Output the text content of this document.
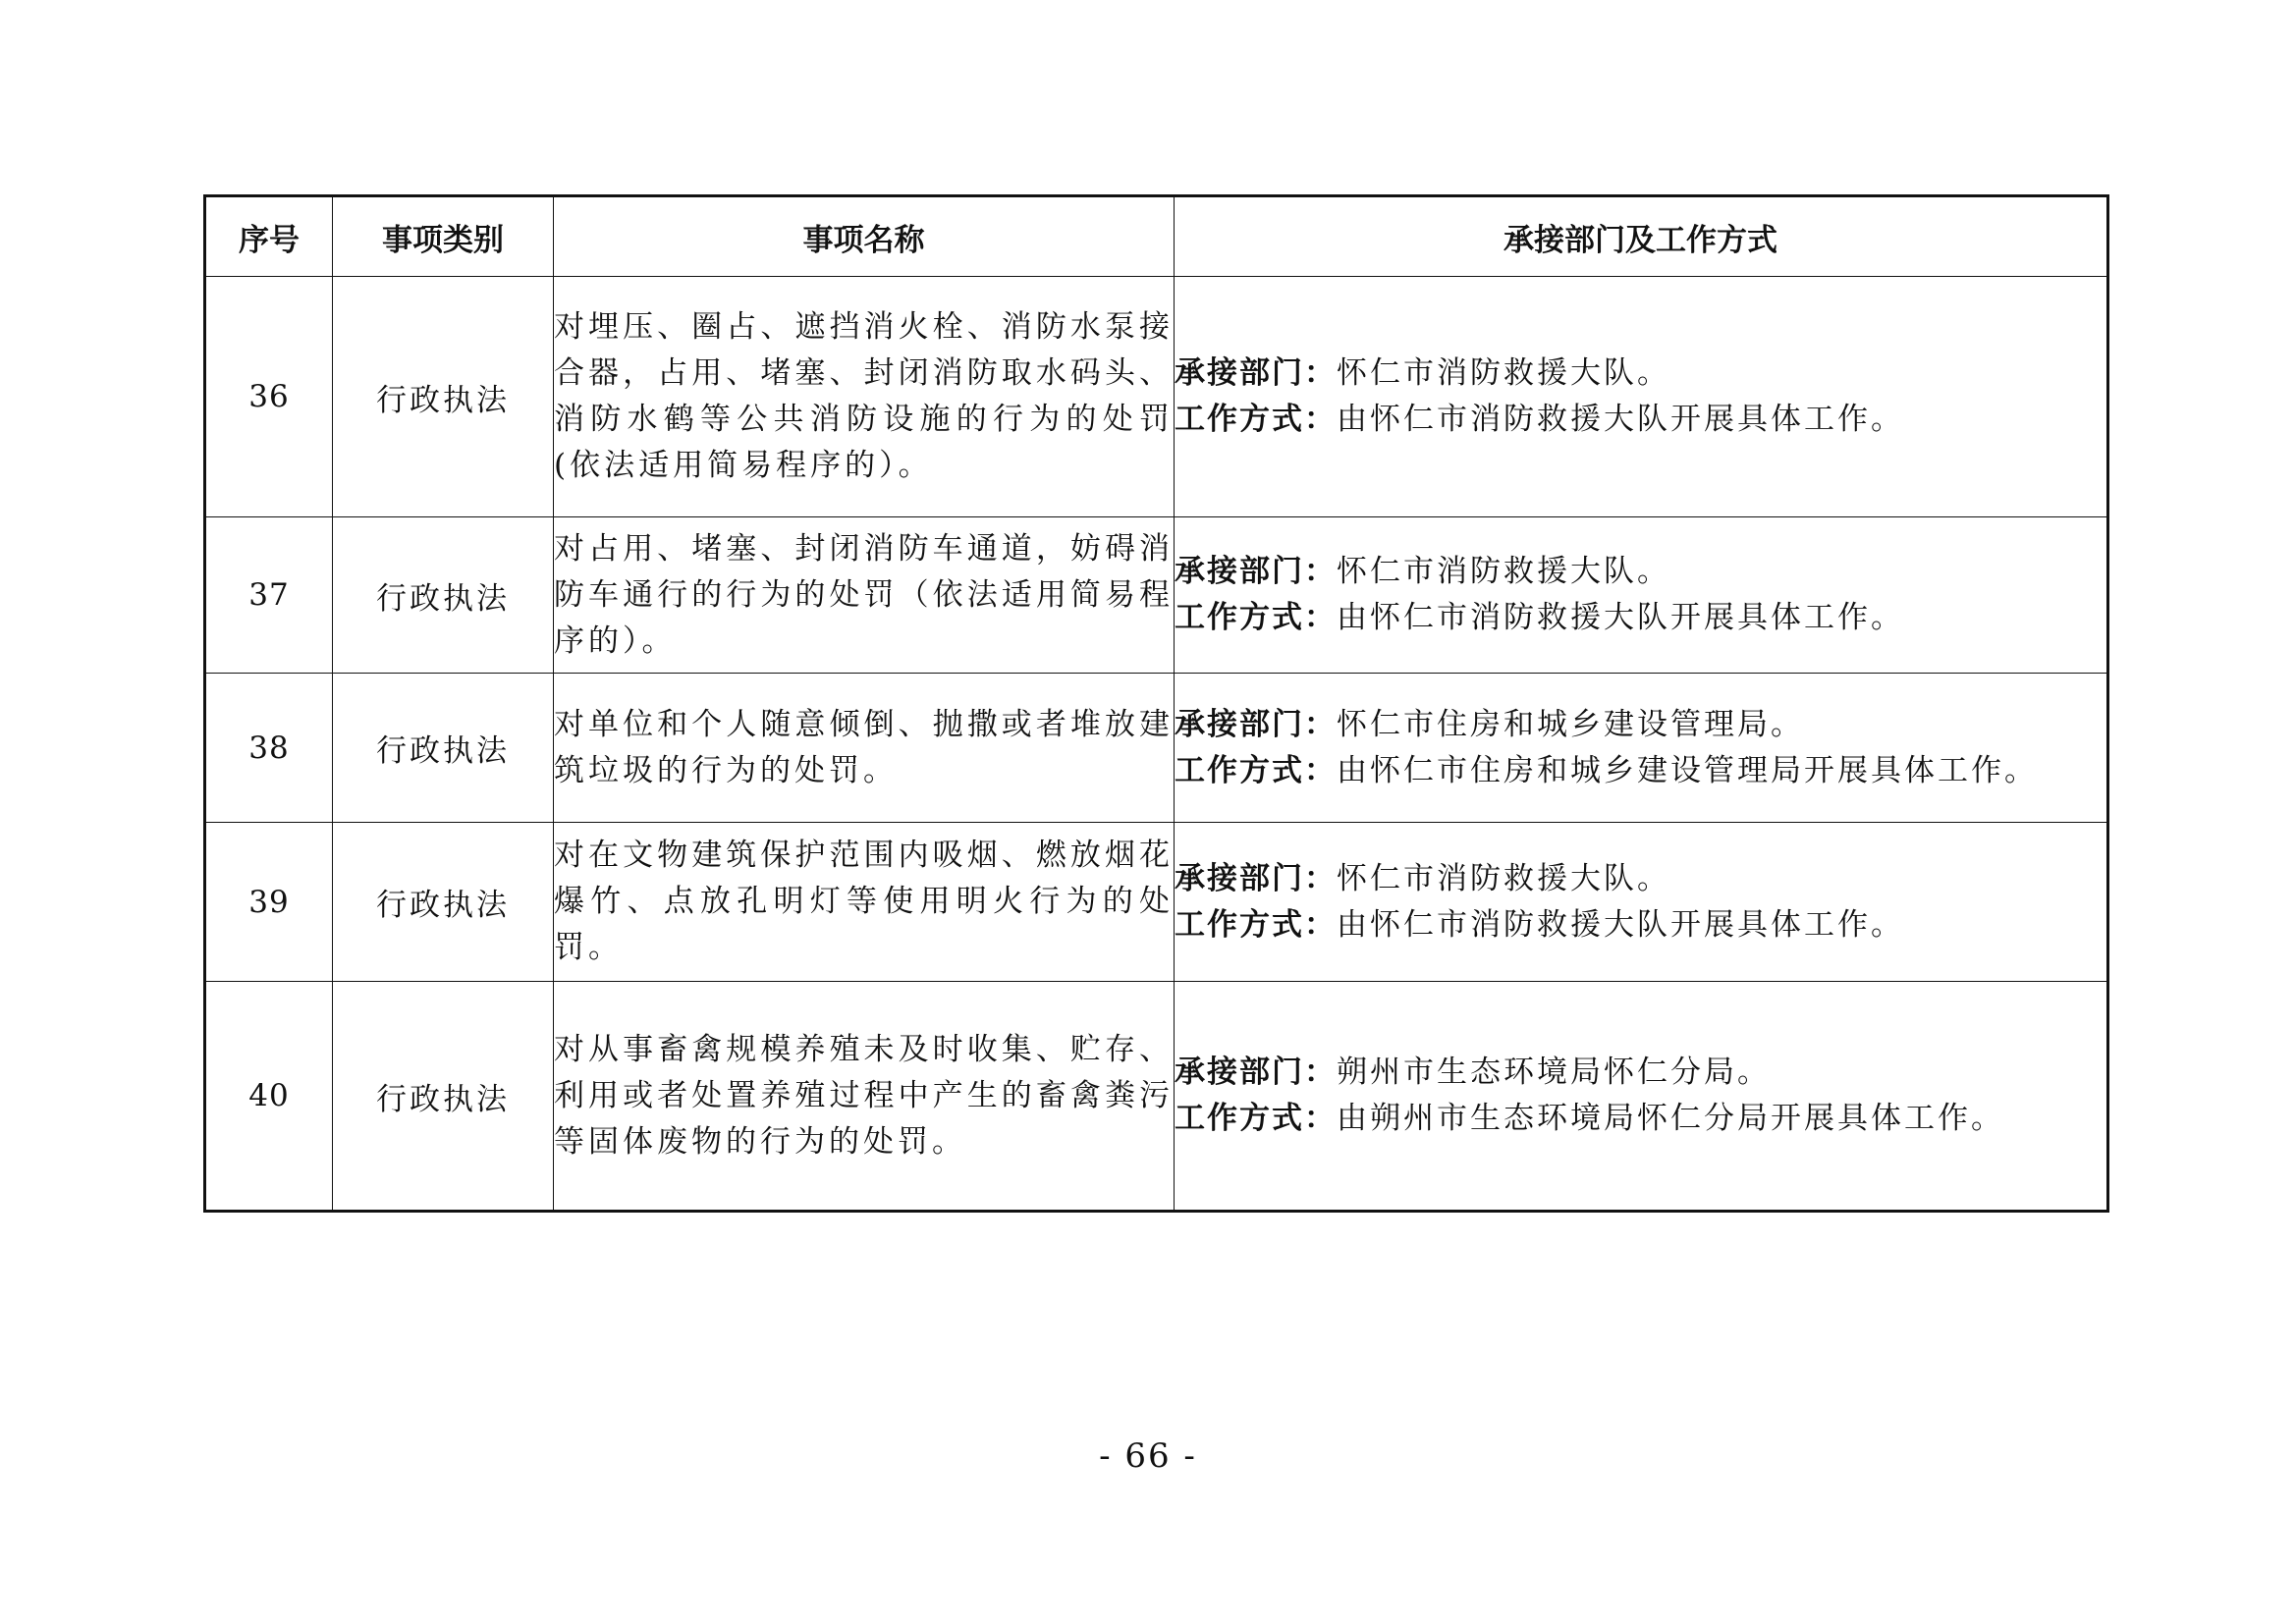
序号	事项类别	事项名称	承接部门及工作方式
36	行政执法	对埋压、圈占、遮挡消火栓、消防水泵接合器，占用、堵塞、封闭消防取水码头、消防水鹤等公共消防设施的行为的处罚(依法适用简易程序的）。	承接部门：怀仁市消防救援大队。
工作方式：由怀仁市消防救援大队开展具体工作。

37	行政执法	对占用、堵塞、封闭消防车通道，妨碍消防车通行的行为的处罚（依法适用简易程序的）。	承接部门：怀仁市消防救援大队。
工作方式：由怀仁市消防救援大队开展具体工作。

38	行政执法	对单位和个人随意倾倒、抛撒或者堆放建筑垃圾的行为的处罚。	承接部门：怀仁市住房和城乡建设管理局。
工作方式：由怀仁市住房和城乡建设管理局开展具体工作。

39	行政执法	对在文物建筑保护范围内吸烟、燃放烟花爆竹、点放孔明灯等使用明火行为的处罚。	承接部门：怀仁市消防救援大队。
工作方式：由怀仁市消防救援大队开展具体工作。

40	行政执法	对从事畜禽规模养殖未及时收集、贮存、利用或者处置养殖过程中产生的畜禽粪污等固体废物的行为的处罚。	承接部门：朔州市生态环境局怀仁分局。
工作方式：由朔州市生态环境局怀仁分局开展具体工作。
- 66 -
